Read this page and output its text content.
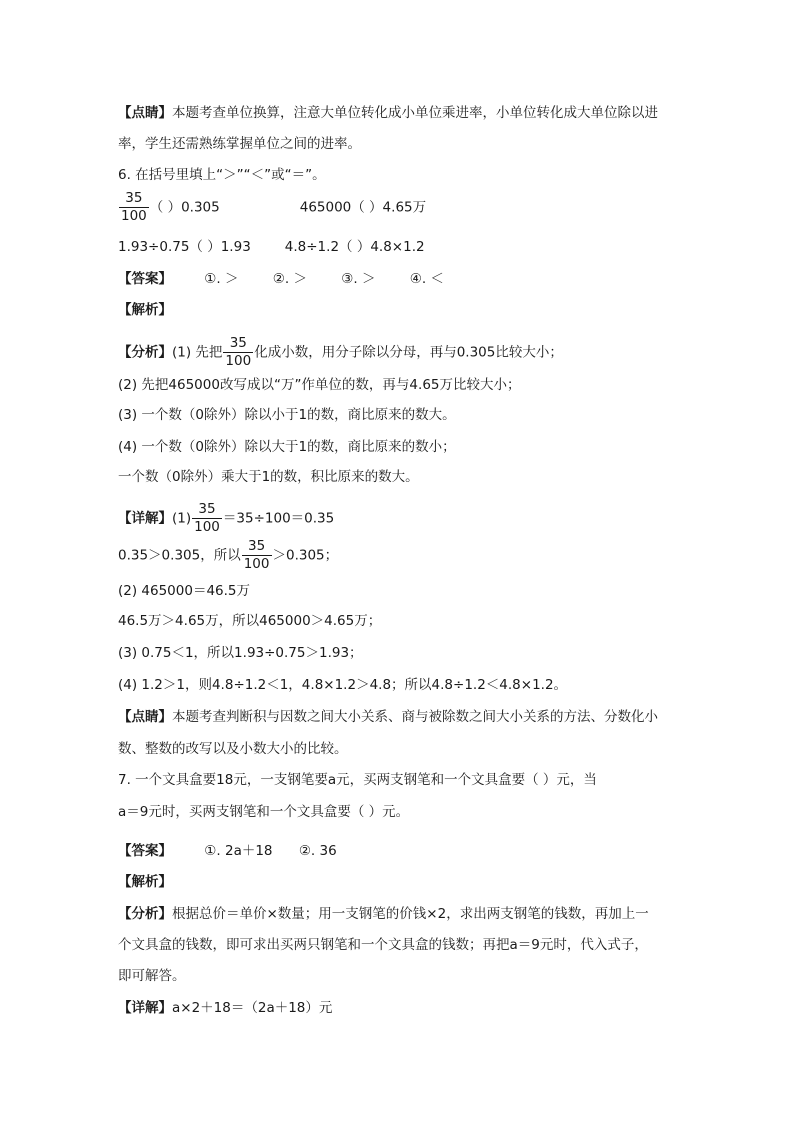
【点睛】本题考查单位换算，注意大单位转化成小单位乘进率，小单位转化成大单位除以进
率，学生还需熟练掌握单位之间的进率。
6. 在括号里填上“＞”“＜”或“＝”。
$\frac{35}{100}$ （ ）0.305	465000（ ）4.65万
1.93÷0.75（ ）1.93	4.8÷1.2（ ）4.8×1.2
【答案】 ①. ＞	②. ＞	③. ＞	④. ＜
【解析】
【分析】(1) 先把 $\frac{35}{100}$ 化成小数，用分子除以分母，再与0.305比较大小；
(2) 先把465000改写成以“万”作单位的数，再与4.65万比较大小；
(3) 一个数（0除外）除以小于1的数，商比原来的数大。
(4) 一个数（0除外）除以大于1的数，商比原来的数小；
一个数（0除外）乘大于1的数，积比原来的数大。
【详解】$(1) \frac{35}{100} =35\div 100=0.35$
0.35＞0.305，所以 $\frac{35}{100} >0.305$；
(2) 465000＝46.5万
46.5万＞4.65万，所以465000＞4.65万；
(3) 0.75＜1，所以1.93÷0.75＞1.93；
(4) 1.2＞1，则4.8÷1.2＜1，4.8×1.2＞4.8；所以4.8÷1.2＜4.8×1.2。
【点睛】本题考查判断积与因数之间大小关系、商与被除数之间大小关系的方法、分数化小
数、整数的改写以及小数大小的比较。
7. 一个文具盒要18元，一支钢笔要a元，买两支钢笔和一个文具盒要（ ）元，当
a＝9元时，买两支钢笔和一个文具盒要（ ）元。
【答案】 ①. 2a＋18 ②. 36
【解析】
【分析】根据总价＝单价×数量；用一支钢笔的价钱×2，求出两支钢笔的钱数，再加上一
个文具盒的钱数，即可求出买两只钢笔和一个文具盒的钱数；再把a＝9元时，代入式子，
即可解答。
【详解】a×2＋18＝（2a＋18）元
